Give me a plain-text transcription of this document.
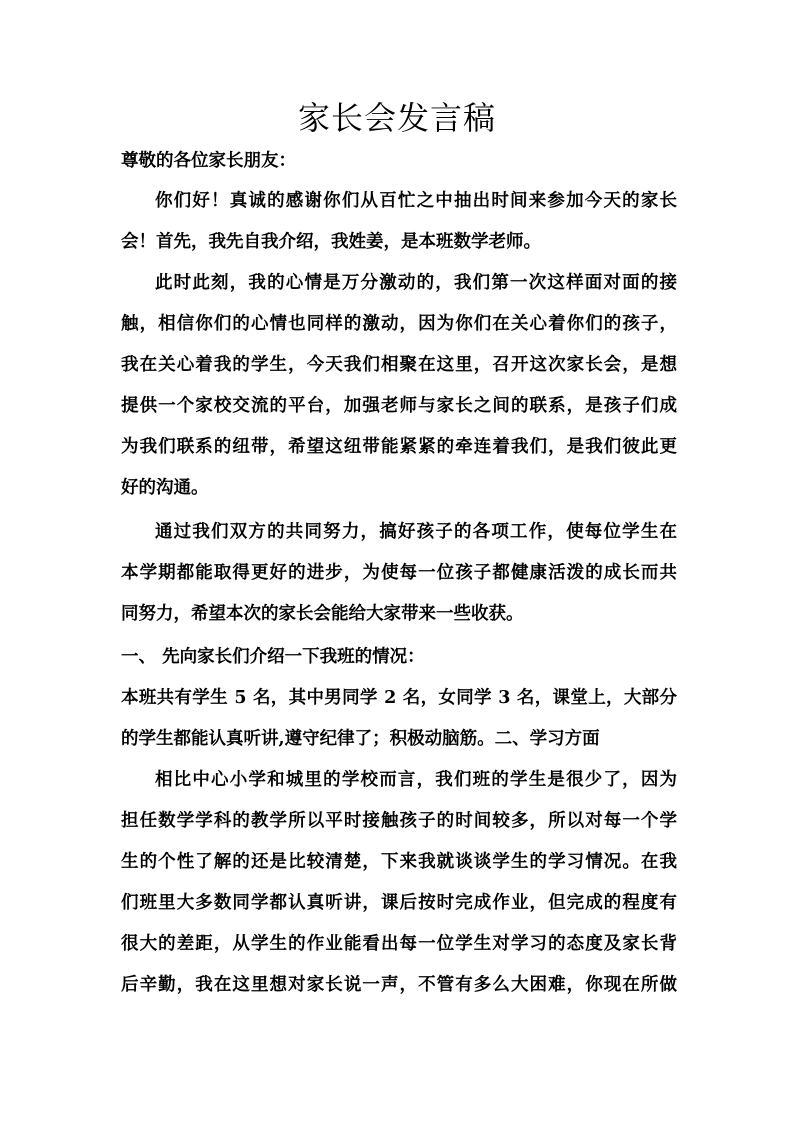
家长会发言稿
尊敬的各位家长朋友：
你们好！真诚的感谢你们从百忙之中抽出时间来参加今天的家长
会！首先，我先自我介绍，我姓姜，是本班数学老师。
此时此刻，我的心情是万分激动的，我们第一次这样面对面的接
触，相信你们的心情也同样的激动，因为你们在关心着你们的孩子，
我在关心着我的学生，今天我们相聚在这里，召开这次家长会，是想
提供一个家校交流的平台，加强老师与家长之间的联系，是孩子们成
为我们联系的纽带，希望这纽带能紧紧的牵连着我们，是我们彼此更
好的沟通。
通过我们双方的共同努力，搞好孩子的各项工作，使每位学生在
本学期都能取得更好的进步，为使每一位孩子都健康活泼的成长而共
同努力，希望本次的家长会能给大家带来一些收获。
一、 先向家长们介绍一下我班的情况：
本班共有学生 5 名，其中男同学 2 名，女同学 3 名，课堂上，大部分
的学生都能认真听讲,遵守纪律了；积极动脑筋。二、学习方面
相比中心小学和城里的学校而言，我们班的学生是很少了，因为
担任数学学科的教学所以平时接触孩子的时间较多，所以对每一个学
生的个性了解的还是比较清楚，下来我就谈谈学生的学习情况。在我
们班里大多数同学都认真听讲，课后按时完成作业，但完成的程度有
很大的差距，从学生的作业能看出每一位学生对学习的态度及家长背
后辛勤，我在这里想对家长说一声，不管有多么大困难，你现在所做
